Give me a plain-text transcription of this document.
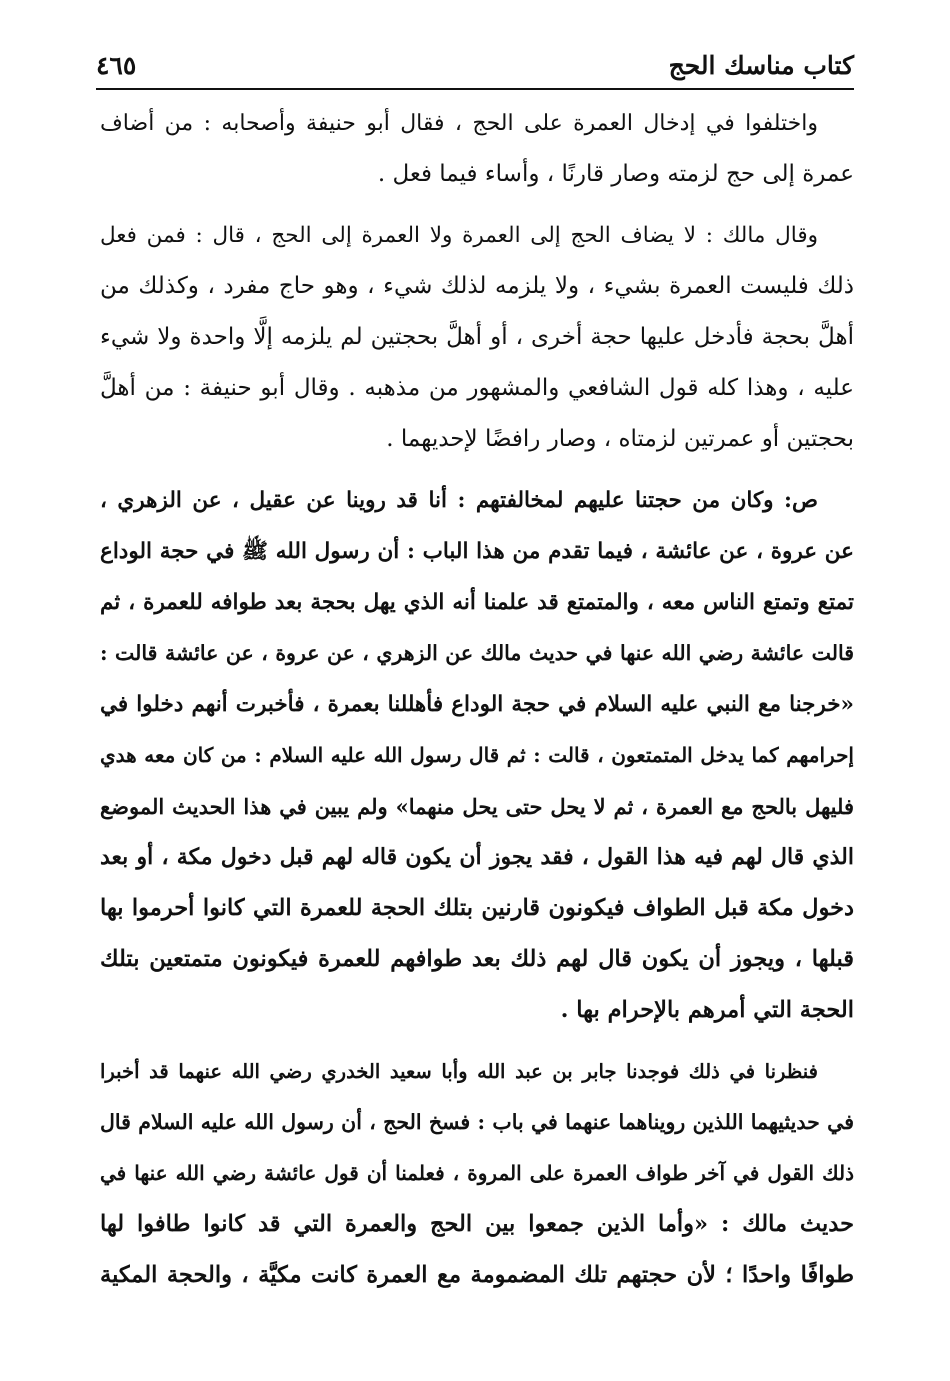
٤٦٥	كتاب مناسك الحج
واختلفوا في إدخال العمرة على الحج ، فقال أبو حنيفة وأصحابه : من أضاف
عمرة إلى حج لزمته وصار قارنًا ، وأساء فيما فعل .
وقال مالك : لا يضاف الحج إلى العمرة ولا العمرة إلى الحج ، قال : فمن فعل
ذلك فليست العمرة بشيء ، ولا يلزمه لذلك شيء ، وهو حاج مفرد ، وكذلك من
أهلَّ بحجة فأدخل عليها حجة أخرى ، أو أهلَّ بحجتين لم يلزمه إلَّا واحدة ولا شيء
عليه ، وهذا كله قول الشافعي والمشهور من مذهبه . وقال أبو حنيفة : من أهلَّ
بحجتين أو عمرتين لزمتاه ، وصار رافضًا لإحديهما .
ص: وكان من حجتنا عليهم لمخالفتهم : أنا قد روينا عن عقيل ، عن الزهري ،
عن عروة ، عن عائشة ، فيما تقدم من هذا الباب : أن رسول الله ﷺ في حجة الوداع
تمتع وتمتع الناس معه ، والمتمتع قد علمنا أنه الذي يهل بحجة بعد طوافه للعمرة ، ثم
قالت عائشة رضي الله عنها في حديث مالك عن الزهري ، عن عروة ، عن عائشة قالت :
«خرجنا مع النبي عليه السلام في حجة الوداع فأهللنا بعمرة ، فأخبرت أنهم دخلوا في
إحرامهم كما يدخل المتمتعون ، قالت : ثم قال رسول الله عليه السلام : من كان معه هدي
فليهل بالحج مع العمرة ، ثم لا يحل حتى يحل منهما» ولم يبين في هذا الحديث الموضع
الذي قال لهم فيه هذا القول ، فقد يجوز أن يكون قاله لهم قبل دخول مكة ، أو بعد
دخول مكة قبل الطواف فيكونون قارنين بتلك الحجة للعمرة التي كانوا أحرموا بها
قبلها ، ويجوز أن يكون قال لهم ذلك بعد طوافهم للعمرة فيكونون متمتعين بتلك
الحجة التي أمرهم بالإحرام بها .
فنظرنا في ذلك فوجدنا جابر بن عبد الله وأبا سعيد الخدري رضي الله عنهما قد أخبرا
في حديثيهما اللذين رويناهما عنهما في باب : فسخ الحج ، أن رسول الله عليه السلام قال
ذلك القول في آخر طواف العمرة على المروة ، فعلمنا أن قول عائشة رضي الله عنها في
حديث مالك : «وأما الذين جمعوا بين الحج والعمرة التي قد كانوا طافوا لها
طوافًا واحدًا ؛ لأن حجتهم تلك المضمومة مع العمرة كانت مكيَّة ، والحجة المكية
